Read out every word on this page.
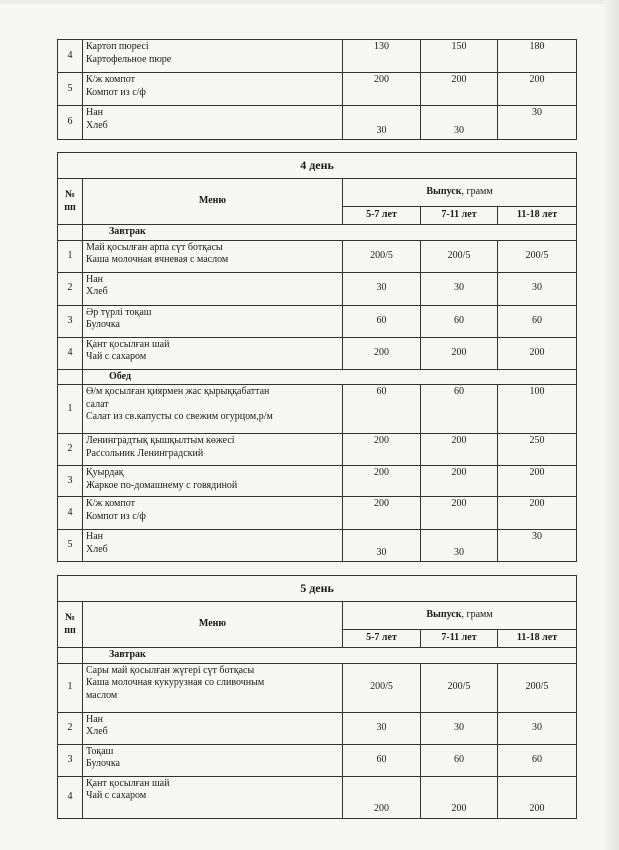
4	Картоп пюресі
Картофельное пюре	130	150	180
5	К/ж компот
Компот из с/ф	200	200	200
6	Нан
Хлеб	30	30	30
4 день				

№
пп	Меню	Выпуск, грамм		
		5-7 лет	7-11 лет	11-18 лет
	Завтрак			
1	Май қосылған арпа сүт ботқасы
Каша молочная ячневая с маслом	200/5	200/5	200/5
2	Нан
Хлеб	30	30	30
3	Әр түрлі тоқаш
Булочка	60	60	60
4	Қант қосылған шай
Чай с сахаром	200	200	200
	Обед			
1	Ө/м қосылған қиярмен жас қырыққабаттан
салат
Салат из св.капусты со свежим огурцом,р/м	60	60	100
2	Ленинградтық қышқылтым көжесі
Рассольник Ленинградский	200	200	250
3	Қуырдақ
Жаркое по-домашнему с говядиной	200	200	200
4	К/ж компот
Компот из с/ф	200	200	200
5	Нан
Хлеб	30	30	30
5 день				

№
пп	Меню	Выпуск, грамм		
		5-7 лет	7-11 лет	11-18 лет
	Завтрак			
1	Сары май қосылған жүгері сүт ботқасы
Каша молочная кукурузная со сливочным
маслом	200/5	200/5	200/5
2	Нан
Хлеб	30	30	30
3	Тоқаш
Булочка	60	60	60
4	Қант қосылған шай
Чай с сахаром	200	200	200
